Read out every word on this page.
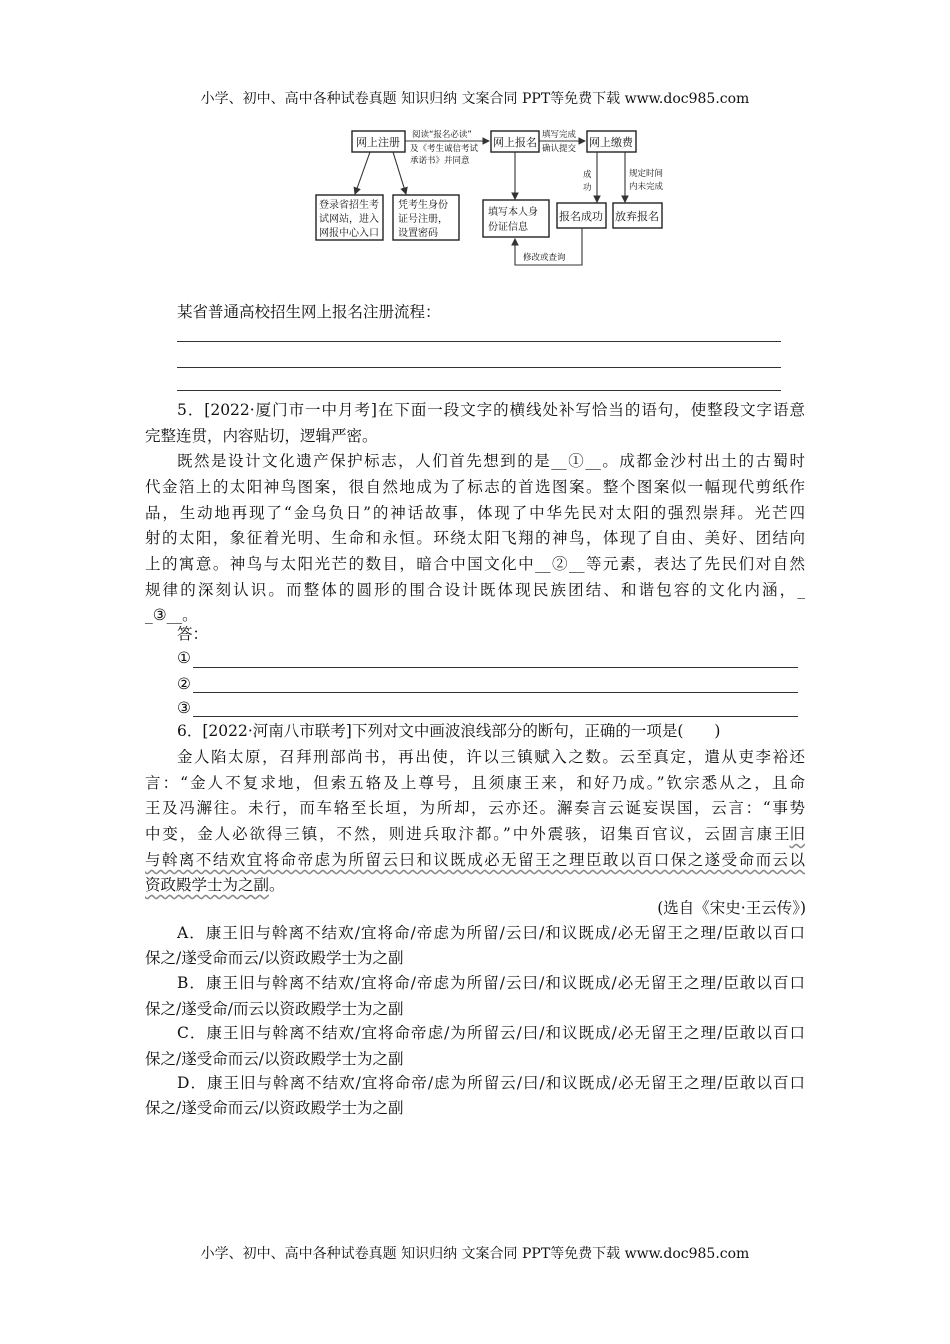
小学、初中、高中各种试卷真题 知识归纳 文案合同 PPT等免费下载 www.doc985.com
网上注册	网上报名	网上缴费
阅读“报名必读”
及《考生诚信考试
承诺书》并同意
填写完成
确认提交
登录省招生考
试网站，进入
网报中心入口
凭考生身份
证号注册，
设置密码
填写本人身
份证信息
成
功
规定时间
内未完成
报名成功 放弃报名
修改或查询
某省普通高校招生网上报名注册流程：
5．[2022·厦门市一中月考]在下面一段文字的横线处补写恰当的语句，使整段文字语意
完整连贯，内容贴切，逻辑严密。
既然是设计文化遗产保护标志，人们首先想到的是__①__。成都金沙村出土的古蜀时
代金箔上的太阳神鸟图案，很自然地成为了标志的首选图案。整个图案似一幅现代剪纸作
品，生动地再现了“金乌负日”的神话故事，体现了中华先民对太阳的强烈崇拜。光芒四
射的太阳，象征着光明、生命和永恒。环绕太阳飞翔的神鸟，体现了自由、美好、团结向
上的寓意。神鸟与太阳光芒的数目，暗合中国文化中__②__等元素，表达了先民们对自然
规律的深刻认识。而整体的圆形的围合设计既体现民族团结、和谐包容的文化内涵，_
_③__。
答：
①
②
③
6．[2022·河南八市联考]下列对文中画波浪线部分的断句，正确的一项是(　　)
金人陷太原，召拜刑部尚书，再出使，许以三镇赋入之数。云至真定，遣从吏李裕还
言：“金人不复求地，但索五辂及上尊号，且须康王来，和好乃成。”钦宗悉从之，且命
王及冯澥往。未行，而车辂至长垣，为所却，云亦还。澥奏言云诞妄误国，云言：“事势
中变，金人必欲得三镇，不然，则进兵取汴都。”中外震骇，诏集百官议，云固言康王 旧
与斡离不结欢宜将命帝虑为所留云曰和议既成必无留王之理臣敢以百口保之遂受命而云以
资政殿学士为之副。
(选自《宋史·王云传》)
A．康王旧与斡离不结欢/宜将命/帝虑为所留/云曰/和议既成/必无留王之理/臣敢以百口
保之/遂受命而云/以资政殿学士为之副
B．康王旧与斡离不结欢/宜将命/帝虑为所留/云曰/和议既成/必无留王之理/臣敢以百口
保之/遂受命/而云以资政殿学士为之副
C．康王旧与斡离不结欢/宜将命帝虑/为所留云/曰/和议既成/必无留王之理/臣敢以百口
保之/遂受命而云/以资政殿学士为之副
D．康王旧与斡离不结欢/宜将命帝/虑为所留云/曰/和议既成/必无留王之理/臣敢以百口
保之/遂受命而云/以资政殿学士为之副
小学、初中、高中各种试卷真题 知识归纳 文案合同 PPT等免费下载 www.doc985.com
